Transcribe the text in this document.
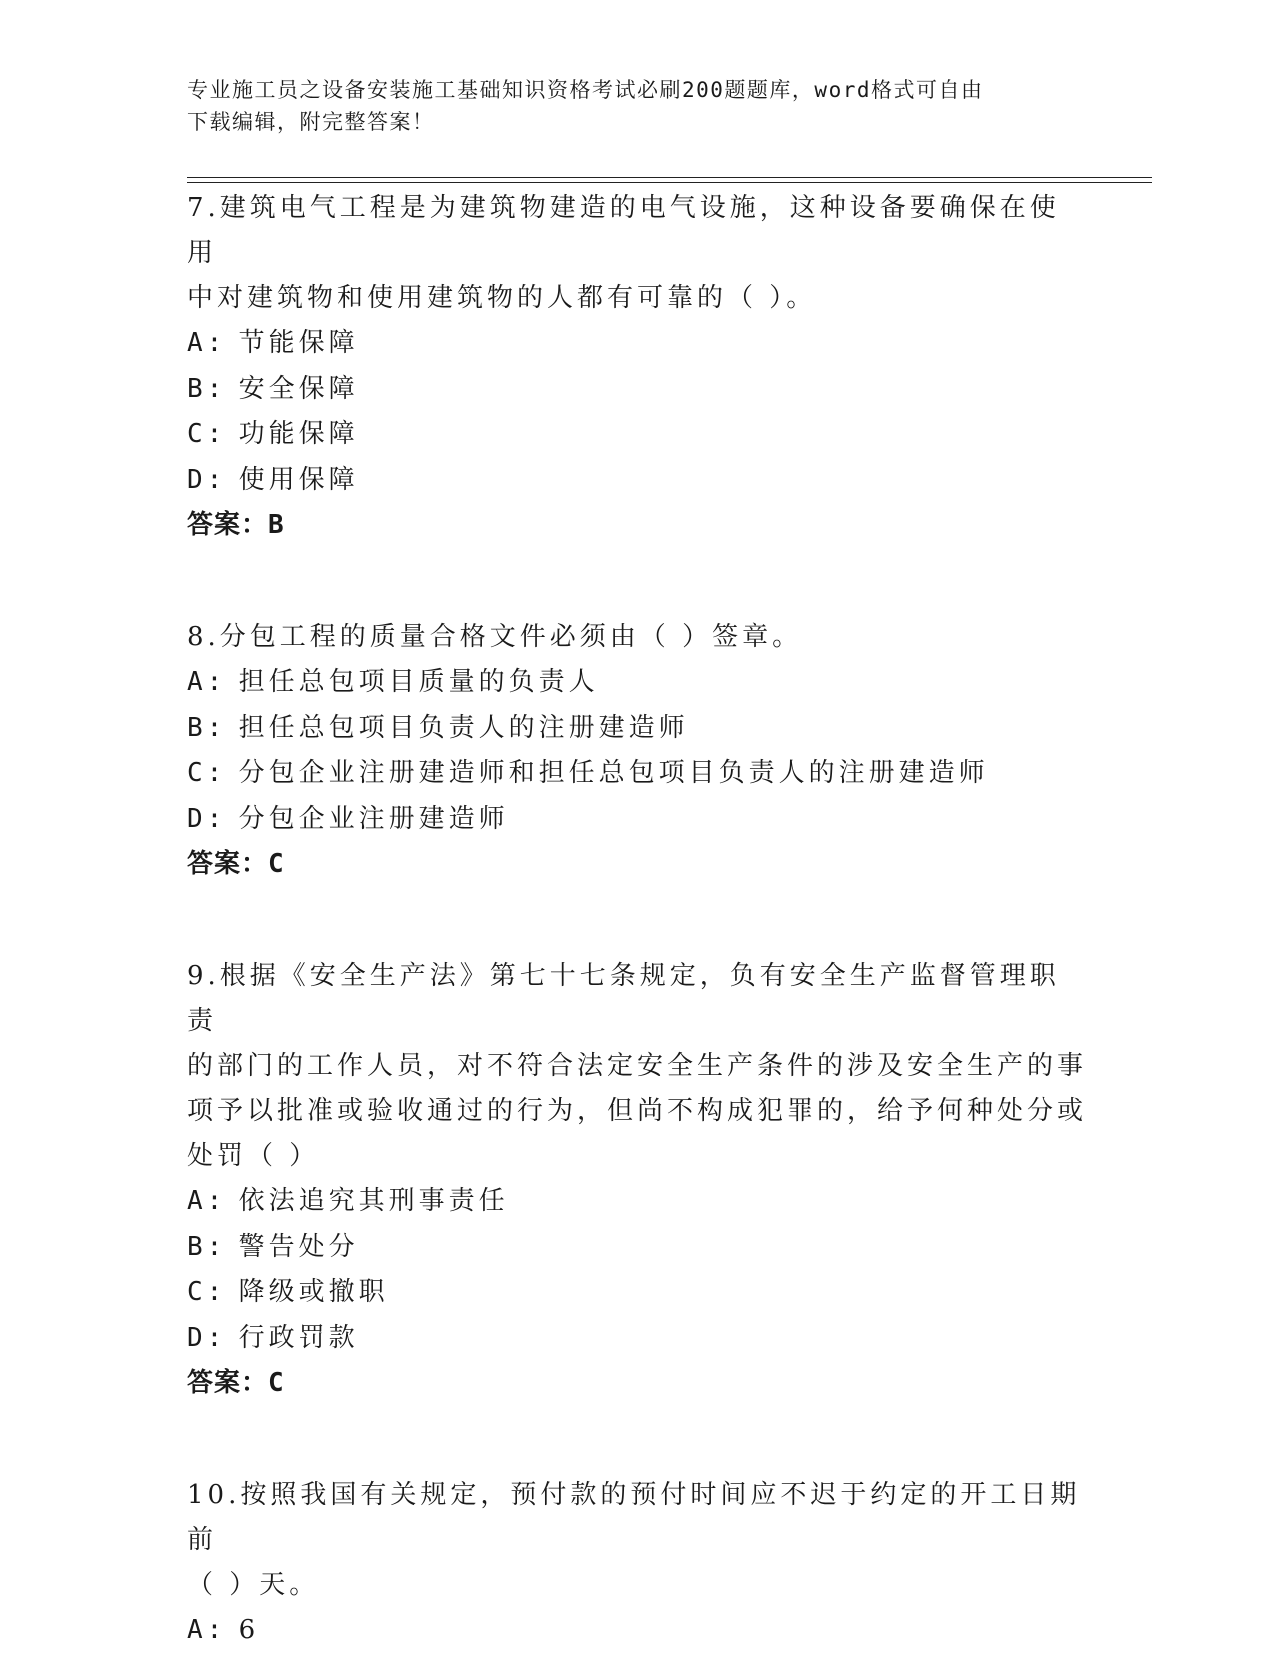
专业施工员之设备安装施工基础知识资格考试必刷200题题库，word格式可自由
下载编辑，附完整答案！
7.建筑电气工程是为建筑物建造的电气设施，这种设备要确保在使用
中对建筑物和使用建筑物的人都有可靠的（ ）。
A: 节能保障
B: 安全保障
C: 功能保障
D: 使用保障
答案：B
8.分包工程的质量合格文件必须由（ ）签章。
A: 担任总包项目质量的负责人
B: 担任总包项目负责人的注册建造师
C: 分包企业注册建造师和担任总包项目负责人的注册建造师
D: 分包企业注册建造师
答案：C
9.根据《安全生产法》第七十七条规定，负有安全生产监督管理职责
的部门的工作人员，对不符合法定安全生产条件的涉及安全生产的事
项予以批准或验收通过的行为，但尚不构成犯罪的，给予何种处分或
处罚（ ）
A: 依法追究其刑事责任
B: 警告处分
C: 降级或撤职
D: 行政罚款
答案：C
10.按照我国有关规定，预付款的预付时间应不迟于约定的开工日期前
（ ）天。
A: 6
